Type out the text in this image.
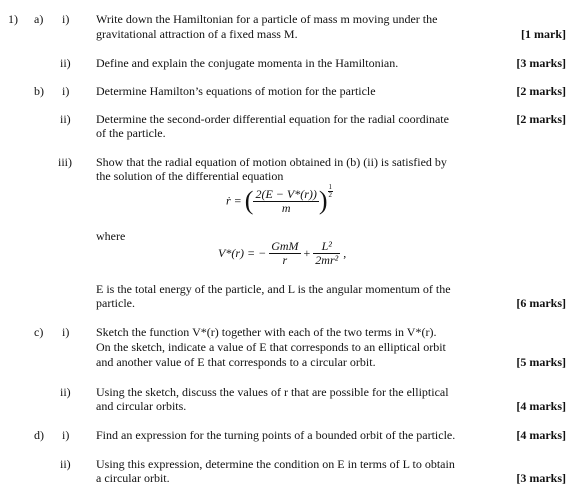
1) a) i) Write down the Hamiltonian for a particle of mass m moving under the
gravitational attraction of a fixed mass M.	[1 mark]
ii) Define and explain the conjugate momenta in the Hamiltonian.	[3 marks]
b) i) Determine Hamilton’s equations of motion for the particle	[2 marks]
ii) Determine the second-order differential equation for the radial coordinate
of the particle.
[2 marks]
iii) Show that the radial equation of motion obtained in (b) (ii) is satisfied by
the solution of the differential equation
ṙ = ( $\frac{2(E - V*(r))}{m}$ ) $\frac{1}{2}$
where
V*(r) = − $\frac{\text{GmM}}{r} + \frac{\text{L²}}{\text{2mr²}}$ ,
E is the total energy of the particle, and L is the angular momentum of the
particle.	[6 marks]
c) i) Sketch the function V*(r) together with each of the two terms in V*(r).
On the sketch, indicate a value of E that corresponds to an elliptical orbit
and another value of E that corresponds to a circular orbit.	[5 marks]
ii) Using the sketch, discuss the values of r that are possible for the elliptical
and circular orbits.	[4 marks]
d) i) Find an expression for the turning points of a bounded orbit of the particle.	[4 marks]
ii) Using this expression, determine the condition on E in terms of L to obtain
a circular orbit.	[3 marks]
